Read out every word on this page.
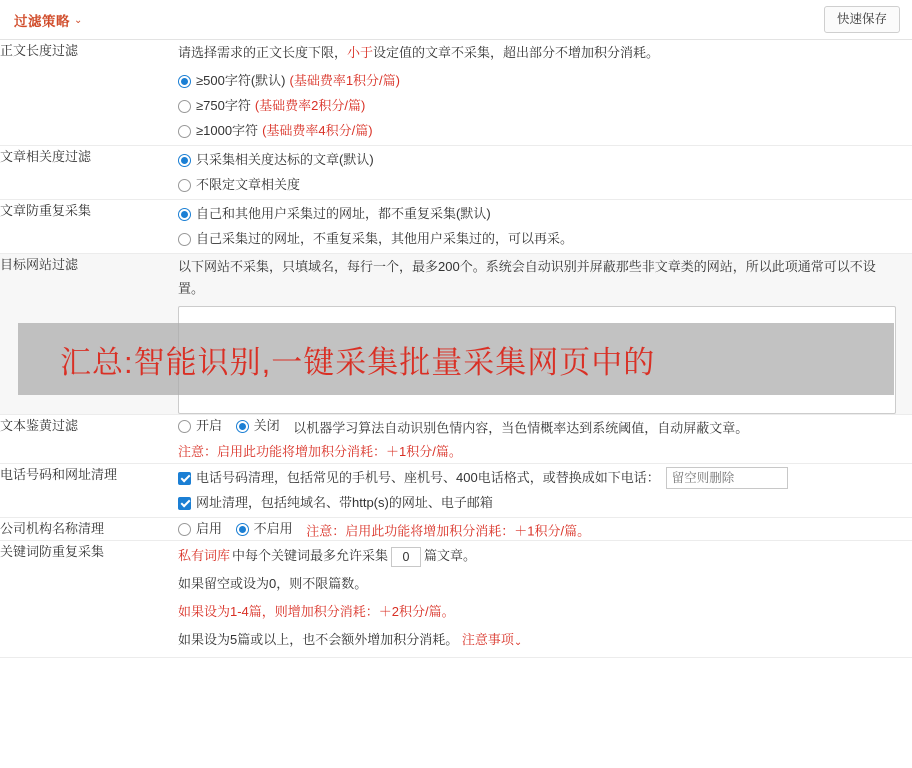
过滤策略 ⌄	快速保存
正文长度过滤	请选择需求的正文长度下限，小于设定值的文章不采集，超出部分不增加积分消耗。
≥500字符(默认) (基础费率1积分/篇)
≥750字符 (基础费率2积分/篇)
≥1000字符 (基础费率4积分/篇)

文章相关度过滤	只采集相关度达标的文章(默认)
不限定文章相关度

文章防重复采集	自己和其他用户采集过的网址，都不重复采集(默认)
自己采集过的网址，不重复采集，其他用户采集过的，可以再采。

目标网站过滤	以下网站不采集，只填域名，每行一个，最多200个。系统会自动识别并屏蔽那些非文章类的网站，所以此项通常可以不设置。

文本鉴黄过滤	开启
关闭 以机器学习算法自动识别色情内容，当色情概率达到系统阈值，自动屏蔽文章。
注意：启用此功能将增加积分消耗：＋1积分/篇。

电话号码和网址清理	电话号码清理，包括常见的手机号、座机号、400电话格式，或替换成如下电话：
留空则删除
网址清理，包括纯域名、带http(s)的网址、电子邮箱

公司机构名称清理	启用
不启用 注意：启用此功能将增加积分消耗：＋1积分/篇。

关键词防重复采集	私有词库 中每个关键词最多允许采集0 篇文章。
如果留空或设为0，则不限篇数。
如果设为1-4篇，则增加积分消耗：＋2积分/篇。
如果设为5篇或以上，也不会额外增加积分消耗。 注意事项⌄
汇总:智能识别,一键采集批量采集网页中的
